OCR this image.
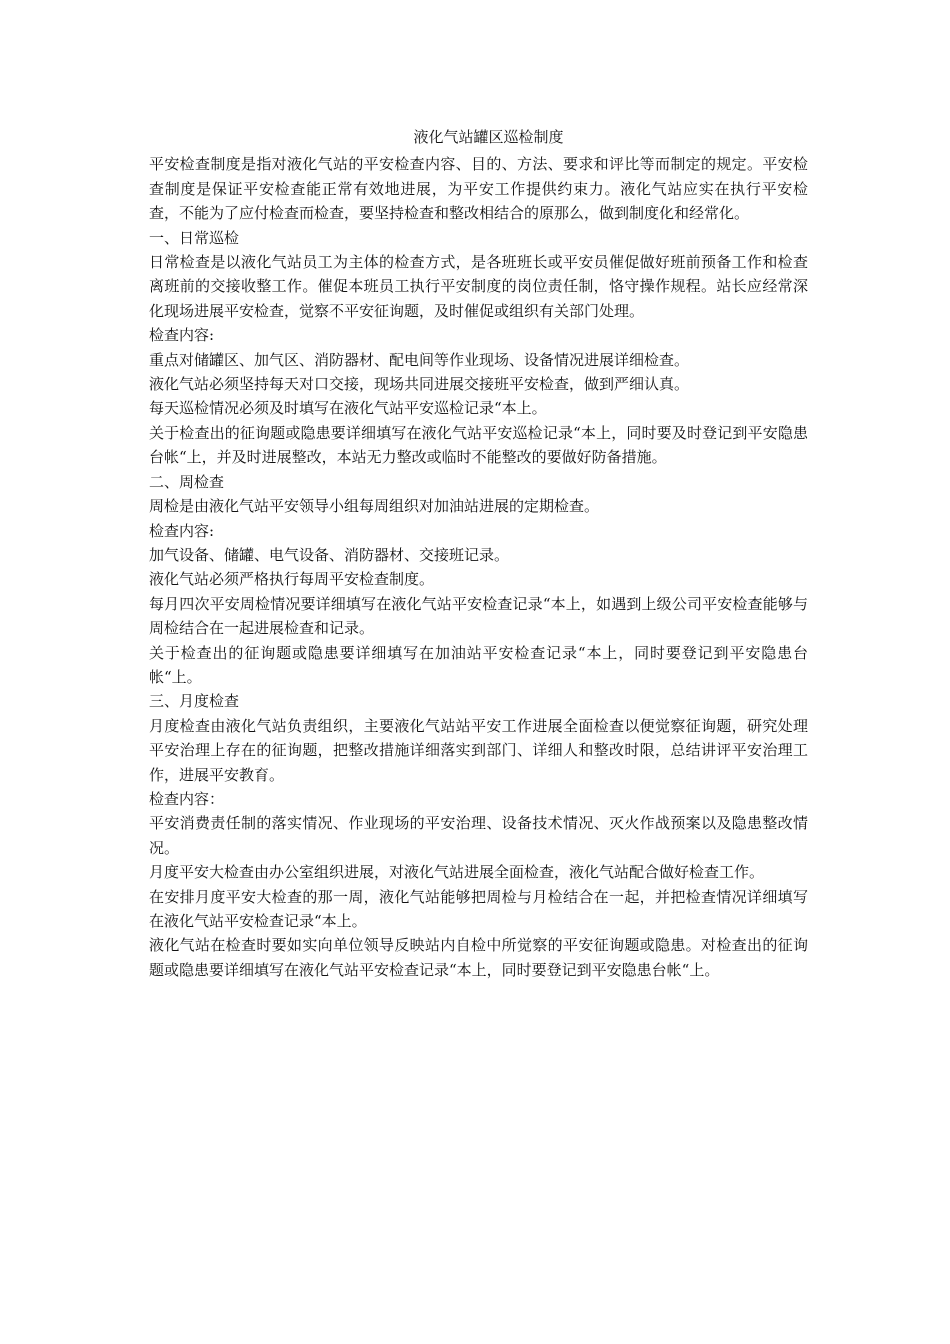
液化气站罐区巡检制度
平安检查制度是指对液化气站的平安检查内容、目的、方法、要求和评比等而制定的规定。平安检查制度是保证平安检查能正常有效地进展，为平安工作提供约束力。液化气站应实在执行平安检查，不能为了应付检查而检查，要坚持检查和整改相结合的原那么，做到制度化和经常化。
一、日常巡检
日常检查是以液化气站员工为主体的检查方式，是各班班长或平安员催促做好班前预备工作和检查离班前的交接收整工作。催促本班员工执行平安制度的岗位责任制，恪守操作规程。站长应经常深化现场进展平安检查，觉察不平安征询题，及时催促或组织有关部门处理。
检查内容:
重点对储罐区、加气区、消防器材、配电间等作业现场、设备情况进展详细检查。
液化气站必须坚持每天对口交接，现场共同进展交接班平安检查，做到严细认真。
每天巡检情况必须及时填写在液化气站平安巡检记录“本上。
关于检查出的征询题或隐患要详细填写在液化气站平安巡检记录“本上，同时要及时登记到平安隐患台帐“上，并及时进展整改，本站无力整改或临时不能整改的要做好防备措施。
二、周检查
周检是由液化气站平安领导小组每周组织对加油站进展的定期检查。
检查内容:
加气设备、储罐、电气设备、消防器材、交接班记录。
液化气站必须严格执行每周平安检查制度。
每月四次平安周检情况要详细填写在液化气站平安检查记录“本上，如遇到上级公司平安检查能够与周检结合在一起进展检查和记录。
关于检查出的征询题或隐患要详细填写在加油站平安检查记录“本上，同时要登记到平安隐患台帐“上。
三、月度检查
月度检查由液化气站负责组织，主要液化气站站平安工作进展全面检查以便觉察征询题，研究处理平安治理上存在的征询题，把整改措施详细落实到部门、详细人和整改时限，总结讲评平安治理工作，进展平安教育。
检查内容：
平安消费责任制的落实情况、作业现场的平安治理、设备技术情况、灭火作战预案以及隐患整改情况。
月度平安大检查由办公室组织进展，对液化气站进展全面检查，液化气站配合做好检查工作。
在安排月度平安大检查的那一周，液化气站能够把周检与月检结合在一起，并把检查情况详细填写在液化气站平安检查记录“本上。
液化气站在检查时要如实向单位领导反映站内自检中所觉察的平安征询题或隐患。对检查出的征询题或隐患要详细填写在液化气站平安检查记录“本上，同时要登记到平安隐患台帐“上。
